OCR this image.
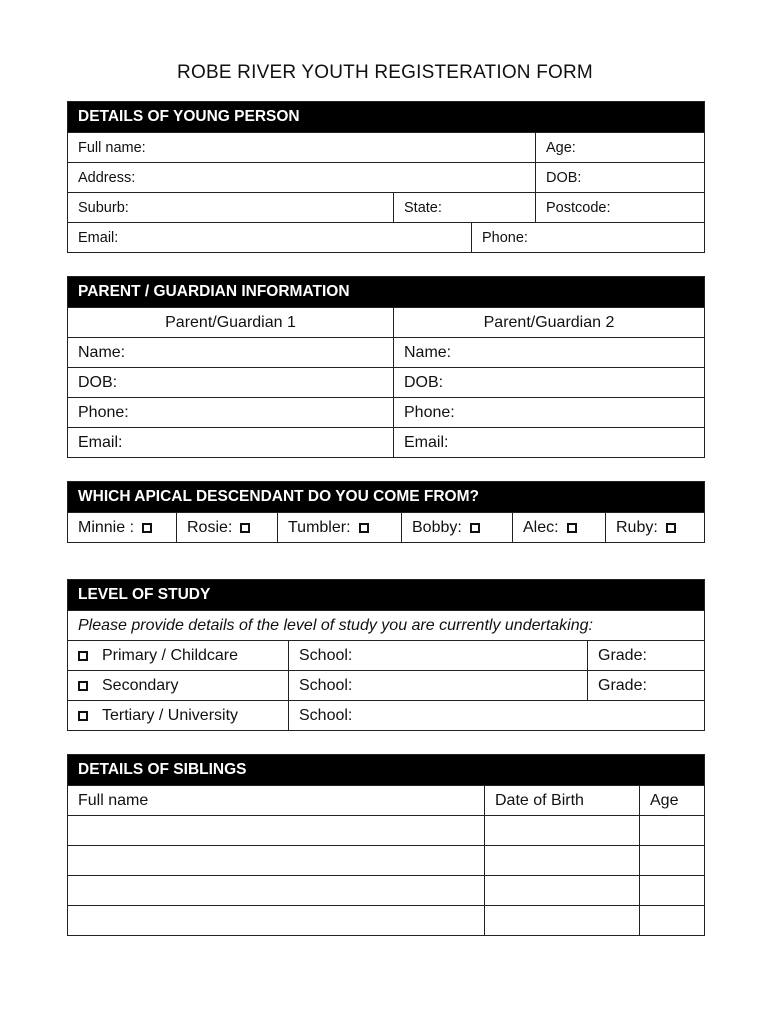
ROBE RIVER YOUTH REGISTERATION FORM
DETAILS OF YOUNG PERSON
Full name:	Age:
Address:	DOB:
Suburb:	State:	Postcode:
Email:	Phone:
PARENT / GUARDIAN INFORMATION
Parent/Guardian 1	Parent/Guardian 2
Name:	Name:
DOB:	DOB:
Phone:	Phone:
Email:	Email:
WHICH APICAL DESCENDANT DO YOU COME FROM?
Minnie :	Rosie:	Tumbler:	Bobby:	Alec:	Ruby:
LEVEL OF STUDY
Please provide details of the level of study you are currently undertaking:
Primary / Childcare	School:	Grade:
Secondary	School:	Grade:
Tertiary / University	School:
DETAILS OF SIBLINGS
Full name	Date of Birth	Age
